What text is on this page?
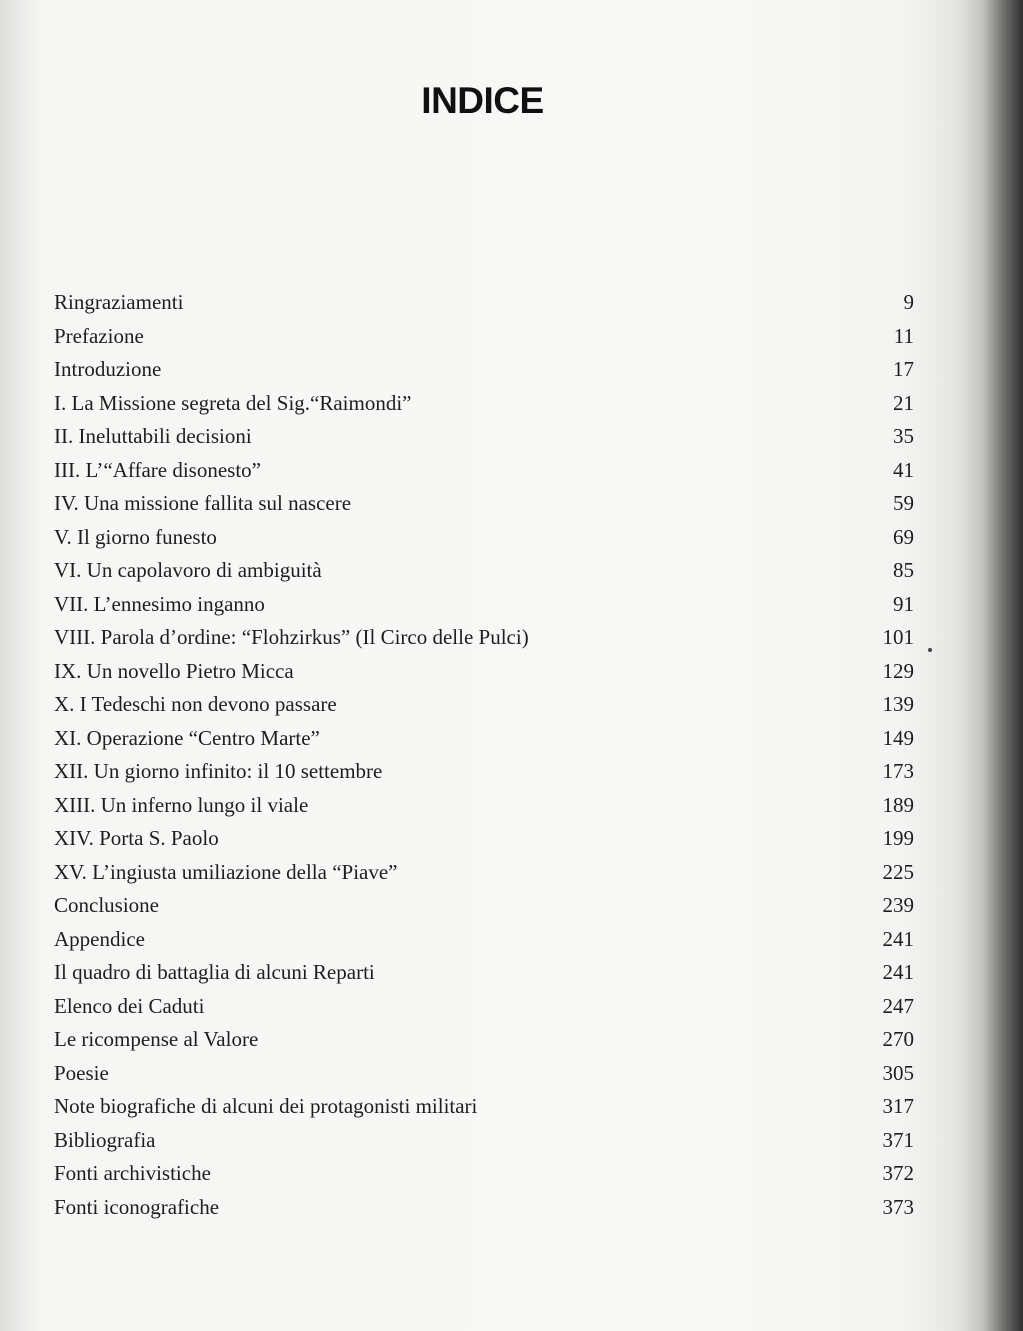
INDICE
Ringraziamenti	9
Prefazione	11
Introduzione	17
I. La Missione segreta del Sig.“Raimondi”	21
II. Ineluttabili decisioni	35
III. L’“Affare disonesto”	41
IV. Una missione fallita sul nascere	59
V. Il giorno funesto	69
VI. Un capolavoro di ambiguità	85
VII. L’ennesimo inganno	91
VIII. Parola d’ordine: “Flohzirkus” (Il Circo delle Pulci)	101
IX. Un novello Pietro Micca	129
X. I Tedeschi non devono passare	139
XI. Operazione “Centro Marte”	149
XII. Un giorno infinito: il 10 settembre	173
XIII. Un inferno lungo il viale	189
XIV. Porta S. Paolo	199
XV. L’ingiusta umiliazione della “Piave”	225
Conclusione	239
Appendice	241
Il quadro di battaglia di alcuni Reparti	241
Elenco dei Caduti	247
Le ricompense al Valore	270
Poesie	305
Note biografiche di alcuni dei protagonisti militari	317
Bibliografia	371
Fonti archivistiche	372
Fonti iconografiche	373
